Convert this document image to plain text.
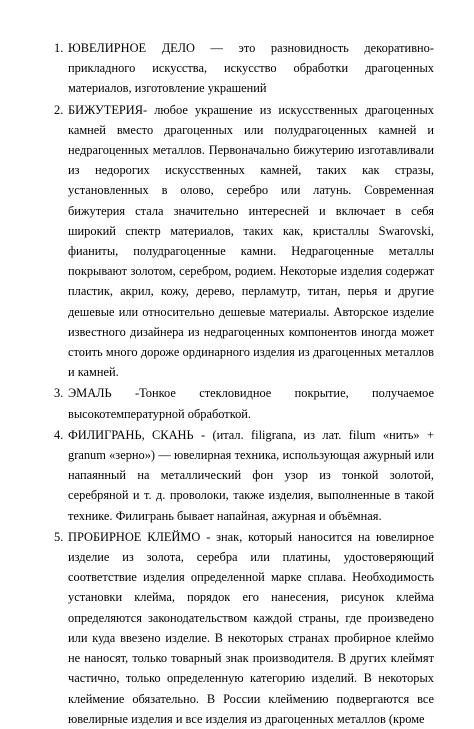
1. ЮВЕЛИРНОЕ ДЕЛО — это разновидность декоративно-прикладного искусства, искусство обработки драгоценных материалов, изготовление украшений
2. БИЖУТЕРИЯ- любое украшение из искусственных драгоценных камней вместо драгоценных или полудрагоценных камней и недрагоценных металлов. Первоначально бижутерию изготавливали из недорогих искусственных камней, таких как стразы, установленных в олово, серебро или латунь. Современная бижутерия стала значительно интересней и включает в себя широкий спектр материалов, таких как, кристаллы Swarovski, фианиты, полудрагоценные камни. Недрагоценные металлы покрывают золотом, серебром, родием. Некоторые изделия содержат пластик, акрил, кожу, дерево, перламутр, титан, перья и другие дешевые или относительно дешевые материалы. Авторское изделие известного дизайнера из недрагоценных компонентов иногда может стоить много дороже ординарного изделия из драгоценных металлов и камней.
3. ЭМАЛЬ -Тонкое стекловидное покрытие, получаемое высокотемпературной обработкой.
4. ФИЛИГРАНЬ, СКАНЬ - (итал. filigrana, из лат. filum «нить» + granum «зерно») — ювелирная техника, использующая ажурный или напаянный на металлический фон узор из тонкой золотой, серебряной и т. д. проволоки, также изделия, выполненные в такой технике. Филигрань бывает напайная, ажурная и объёмная.
5. ПРОБИРНОЕ КЛЕЙМО - знак, который наносится на ювелирное изделие из золота, серебра или платины, удостоверяющий соответствие изделия определенной марке сплава. Необходимость установки клейма, порядок его нанесения, рисунок клейма определяются законодательством каждой страны, где произведено или куда ввезено изделие. В некоторых странах пробирное клеймо не наносят, только товарный знак производителя. В других клеймят частично, только определенную категорию изделий. В некоторых клеймение обязательно. В России клеймению подвергаются все ювелирные изделия и все изделия из драгоценных металлов (кроме
